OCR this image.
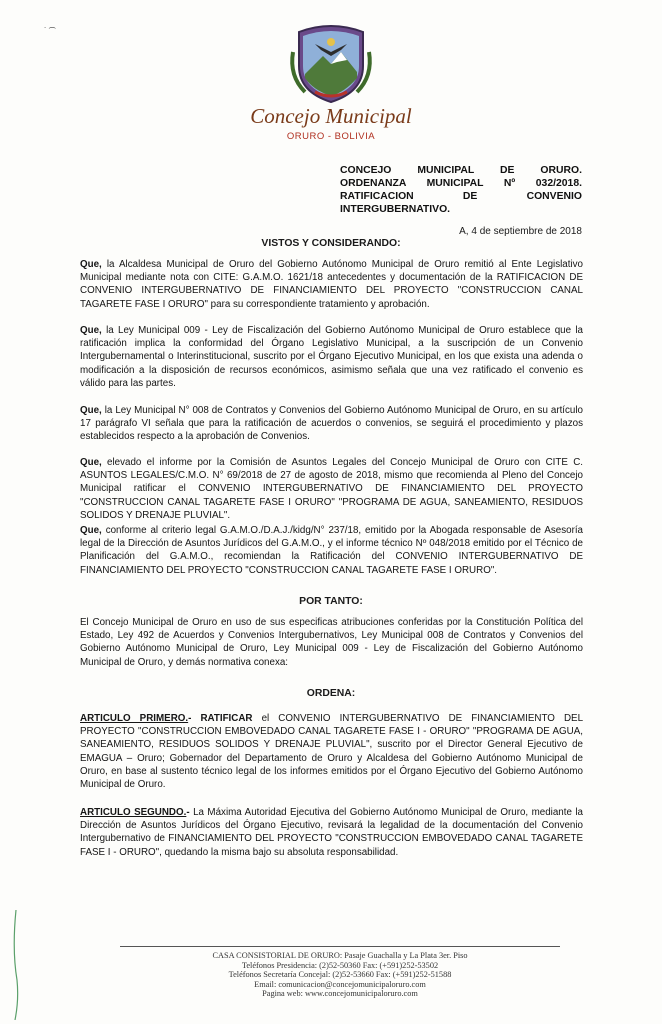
˙ ͡
Concejo Municipal
ORURO - BOLIVIA
CONCEJO MUNICIPAL DE ORURO. ORDENANZA MUNICIPAL Nº 032/2018. RATIFICACION DE CONVENIO INTERGUBERNATIVO.
A, 4 de septiembre de 2018
VISTOS Y CONSIDERANDO:
Que, la Alcaldesa Municipal de Oruro del Gobierno Autónomo Municipal de Oruro remitió al Ente Legislativo Municipal mediante nota con CITE: G.A.M.O. 1621/18 antecedentes y documentación de la RATIFICACION DE CONVENIO INTERGUBERNATIVO DE FINANCIAMIENTO DEL PROYECTO "CONSTRUCCION CANAL TAGARETE FASE I ORURO" para su correspondiente tratamiento y aprobación.
Que, la Ley Municipal 009 - Ley de Fiscalización del Gobierno Autónomo Municipal de Oruro establece que la ratificación implica la conformidad del Órgano Legislativo Municipal, a la suscripción de un Convenio Intergubernamental o Interinstitucional, suscrito por el Órgano Ejecutivo Municipal, en los que exista una adenda o modificación a la disposición de recursos económicos, asimismo señala que una vez ratificado el convenio es válido para las partes.
Que, la Ley Municipal N° 008 de Contratos y Convenios del Gobierno Autónomo Municipal de Oruro, en su artículo 17 parágrafo VI señala que para la ratificación de acuerdos o convenios, se seguirá el procedimiento y plazos establecidos respecto a la aprobación de Convenios.
Que, elevado el informe por la Comisión de Asuntos Legales del Concejo Municipal de Oruro con CITE C. ASUNTOS LEGALES/C.M.O. N° 69/2018 de 27 de agosto de 2018, mismo que recomienda al Pleno del Concejo Municipal ratificar el CONVENIO INTERGUBERNATIVO DE FINANCIAMIENTO DEL PROYECTO "CONSTRUCCION CANAL TAGARETE FASE I ORURO" "PROGRAMA DE AGUA, SANEAMIENTO, RESIDUOS SOLIDOS Y DRENAJE PLUVIAL".
Que, conforme al criterio legal G.A.M.O./D.A.J./kidg/N° 237/18, emitido por la Abogada responsable de Asesoría legal de la Dirección de Asuntos Jurídicos del G.A.M.O., y el informe técnico Nº 048/2018 emitido por el Técnico de Planificación del G.A.M.O., recomiendan la Ratificación del CONVENIO INTERGUBERNATIVO DE FINANCIAMIENTO DEL PROYECTO "CONSTRUCCION CANAL TAGARETE FASE I ORURO".
POR TANTO:
El Concejo Municipal de Oruro en uso de sus especificas atribuciones conferidas por la Constitución Política del Estado, Ley 492 de Acuerdos y Convenios Intergubernativos, Ley Municipal 008 de Contratos y Convenios del Gobierno Autónomo Municipal de Oruro, Ley Municipal 009 - Ley de Fiscalización del Gobierno Autónomo Municipal de Oruro, y demás normativa conexa:
ORDENA:
ARTICULO PRIMERO.- RATIFICAR el CONVENIO INTERGUBERNATIVO DE FINANCIAMIENTO DEL PROYECTO "CONSTRUCCION EMBOVEDADO CANAL TAGARETE FASE I - ORURO" "PROGRAMA DE AGUA, SANEAMIENTO, RESIDUOS SOLIDOS Y DRENAJE PLUVIAL", suscrito por el Director General Ejecutivo de EMAGUA – Oruro; Gobernador del Departamento de Oruro y Alcaldesa del Gobierno Autónomo Municipal de Oruro, en base al sustento técnico legal de los informes emitidos por el Órgano Ejecutivo del Gobierno Autónomo Municipal de Oruro.
ARTICULO SEGUNDO.- La Máxima Autoridad Ejecutiva del Gobierno Autónomo Municipal de Oruro, mediante la Dirección de Asuntos Jurídicos del Órgano Ejecutivo, revisará la legalidad de la documentación del Convenio Intergubernativo de FINANCIAMIENTO DEL PROYECTO "CONSTRUCCION EMBOVEDADO CANAL TAGARETE FASE I - ORURO", quedando la misma bajo su absoluta responsabilidad.
CASA CONSISTORIAL DE ORURO: Pasaje Guachalla y La Plata 3er. Piso
Teléfonos Presidencia: (2)52-50360 Fax: (+591)252-53502
Teléfonos Secretaría Concejal: (2)52-53660 Fax: (+591)252-51588
Email: comunicacion@concejomunicipaloruro.com
Pagina web: www.concejomunicipaloruro.com
